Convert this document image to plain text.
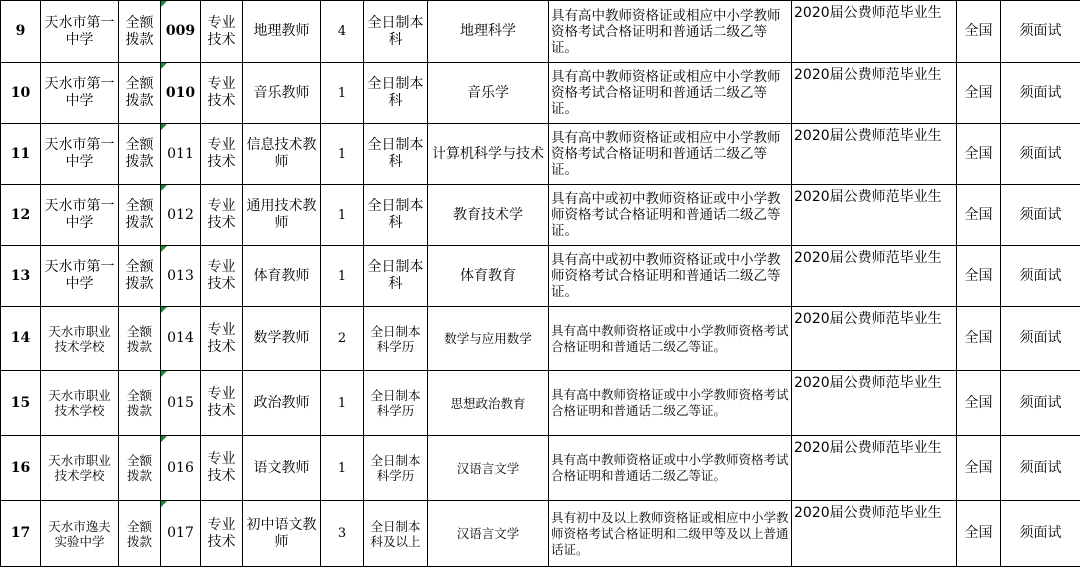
9	天水市第一中学	全额拨款	009	专业技术	地理教师	4	全日制本科	地理科学	具有高中教师资格证或相应中小学教师资格考试合格证明和普通话二级乙等证。	2020届公费师范毕业生	全国	须面试
10	天水市第一中学	全额拨款	010	专业技术	音乐教师	1	全日制本科	音乐学	具有高中教师资格证或相应中小学教师资格考试合格证明和普通话二级乙等证。	2020届公费师范毕业生	全国	须面试
11	天水市第一中学	全额拨款	011	专业技术	信息技术教师	1	全日制本科	计算机科学与技术	具有高中教师资格证或相应中小学教师资格考试合格证明和普通话二级乙等证。	2020届公费师范毕业生	全国	须面试
12	天水市第一中学	全额拨款	012	专业技术	通用技术教师	1	全日制本科	教育技术学	具有高中或初中教师资格证或中小学教师资格考试合格证明和普通话二级乙等证。	2020届公费师范毕业生	全国	须面试
13	天水市第一中学	全额拨款	013	专业技术	体育教师	1	全日制本科	体育教育	具有高中或初中教师资格证或中小学教师资格考试合格证明和普通话二级乙等证。	2020届公费师范毕业生	全国	须面试
14	天水市职业技术学校	全额拨款	014	专业技术	数学教师	2	全日制本科学历	数学与应用数学	具有高中教师资格证或中小学教师资格考试合格证明和普通话二级乙等证。	2020届公费师范毕业生	全国	须面试
15	天水市职业技术学校	全额拨款	015	专业技术	政治教师	1	全日制本科学历	思想政治教育	具有高中教师资格证或中小学教师资格考试合格证明和普通话二级乙等证。	2020届公费师范毕业生	全国	须面试
16	天水市职业技术学校	全额拨款	016	专业技术	语文教师	1	全日制本科学历	汉语言文学	具有高中教师资格证或中小学教师资格考试合格证明和普通话二级乙等证。	2020届公费师范毕业生	全国	须面试
17	天水市逸夫实验中学	全额拨款	017	专业技术	初中语文教师	3	全日制本科及以上	汉语言文学	具有初中及以上教师资格证或相应中小学教师资格考试合格证明和二级甲等及以上普通话证。	2020届公费师范毕业生	全国	须面试
